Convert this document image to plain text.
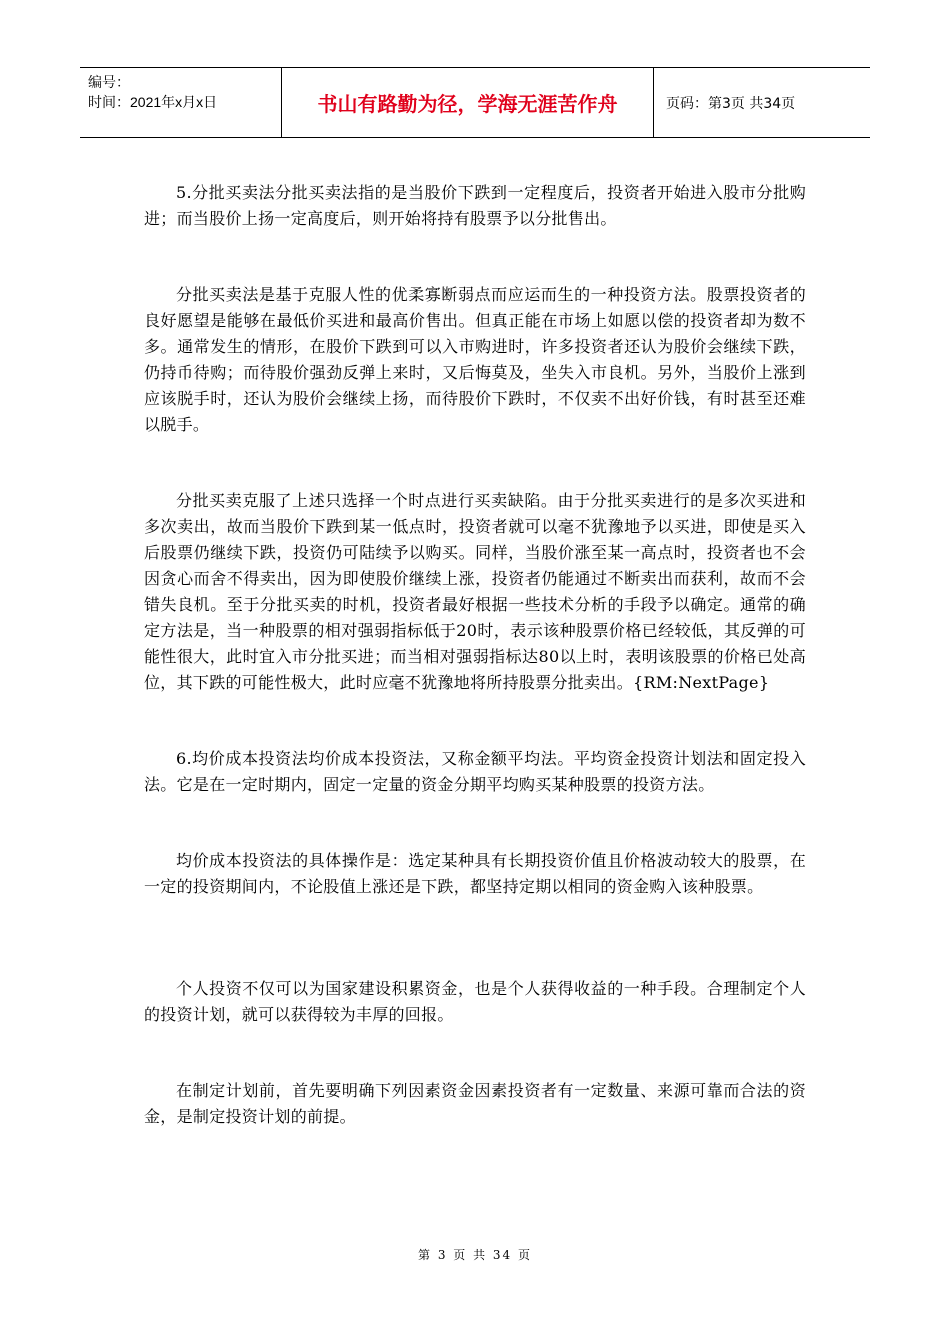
编号：
时间：2021年x月x日	书山有路勤为径，学海无涯苦作舟	页码：第3页 共34页

5.分批买卖法分批买卖法指的是当股价下跌到一定程度后，投资者开始进入股市分批购进；而当股价上扬一定高度后，则开始将持有股票予以分批售出。

分批买卖法是基于克服人性的优柔寡断弱点而应运而生的一种投资方法。股票投资者的良好愿望是能够在最低价买进和最高价售出。但真正能在市场上如愿以偿的投资者却为数不多。通常发生的情形，在股价下跌到可以入市购进时，许多投资者还认为股价会继续下跌，仍持币待购；而待股价强劲反弹上来时，又后悔莫及，坐失入市良机。另外，当股价上涨到应该脱手时，还认为股价会继续上扬，而待股价下跌时，不仅卖不出好价钱，有时甚至还难以脱手。

分批买卖克服了上述只选择一个时点进行买卖缺陷。由于分批买卖进行的是多次买进和多次卖出，故而当股价下跌到某一低点时，投资者就可以毫不犹豫地予以买进，即使是买入后股票仍继续下跌，投资仍可陆续予以购买。同样，当股价涨至某一高点时，投资者也不会因贪心而舍不得卖出，因为即使股价继续上涨，投资者仍能通过不断卖出而获利，故而不会错失良机。至于分批买卖的时机，投资者最好根据一些技术分析的手段予以确定。通常的确定方法是，当一种股票的相对强弱指标低于20时，表示该种股票价格已经较低，其反弹的可能性很大，此时宜入市分批买进；而当相对强弱指标达80以上时，表明该股票的价格已处高位，其下跌的可能性极大，此时应毫不犹豫地将所持股票分批卖出。{RM:NextPage}

6.均价成本投资法均价成本投资法，又称金额平均法。平均资金投资计划法和固定投入法。它是在一定时期内，固定一定量的资金分期平均购买某种股票的投资方法。

均价成本投资法的具体操作是：选定某种具有长期投资价值且价格波动较大的股票，在一定的投资期间内，不论股值上涨还是下跌，都坚持定期以相同的资金购入该种股票。

个人投资不仅可以为国家建设积累资金，也是个人获得收益的一种手段。合理制定个人的投资计划，就可以获得较为丰厚的回报。

在制定计划前，首先要明确下列因素资金因素投资者有一定数量、来源可靠而合法的资金，是制定投资计划的前提。

第 3 页 共 34 页
